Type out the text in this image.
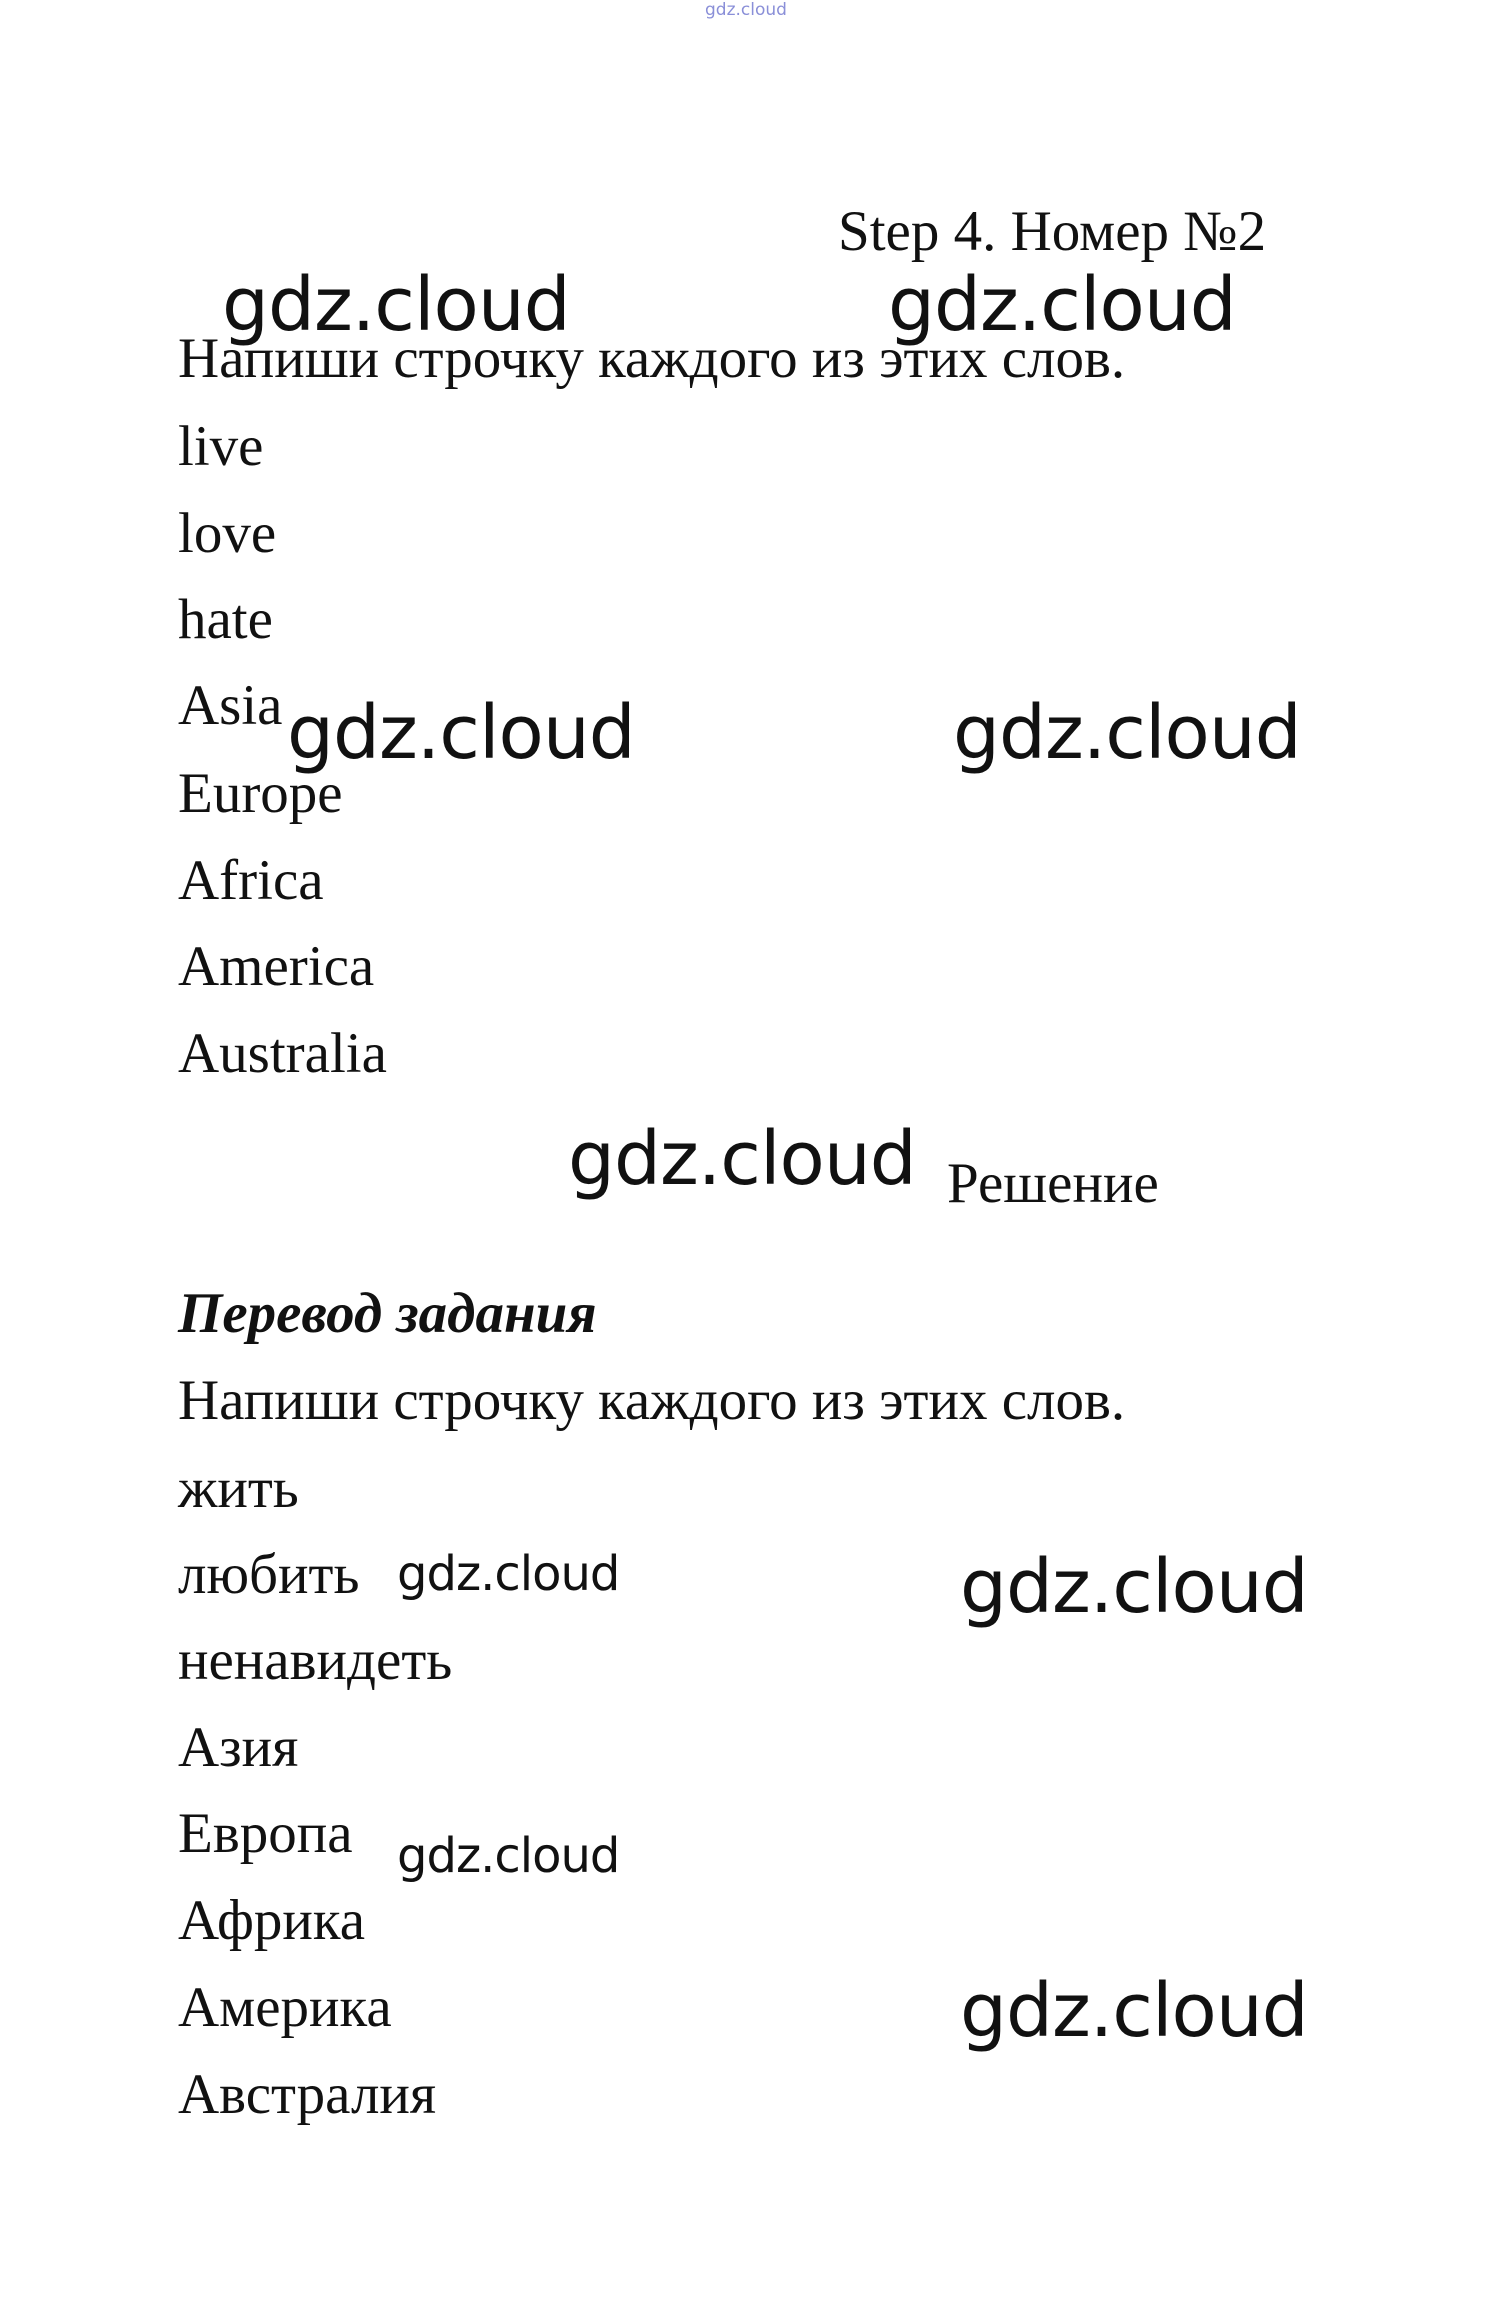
gdz.cloud
Step 4. Номер №2
Напиши строчку каждого из этих слов.
live
love
hate
Asia
Europe
Africa
America
Australia
Решение
Перевод задания
Напиши строчку каждого из этих слов.
жить
любить
ненавидеть
Азия
Европа
Африка
Америка
Австралия
gdz.cloud	gdz.cloud
gdz.cloud	gdz.cloud
gdz.cloud
gdz.cloud	gdz.cloud
gdz.cloud
gdz.cloud
